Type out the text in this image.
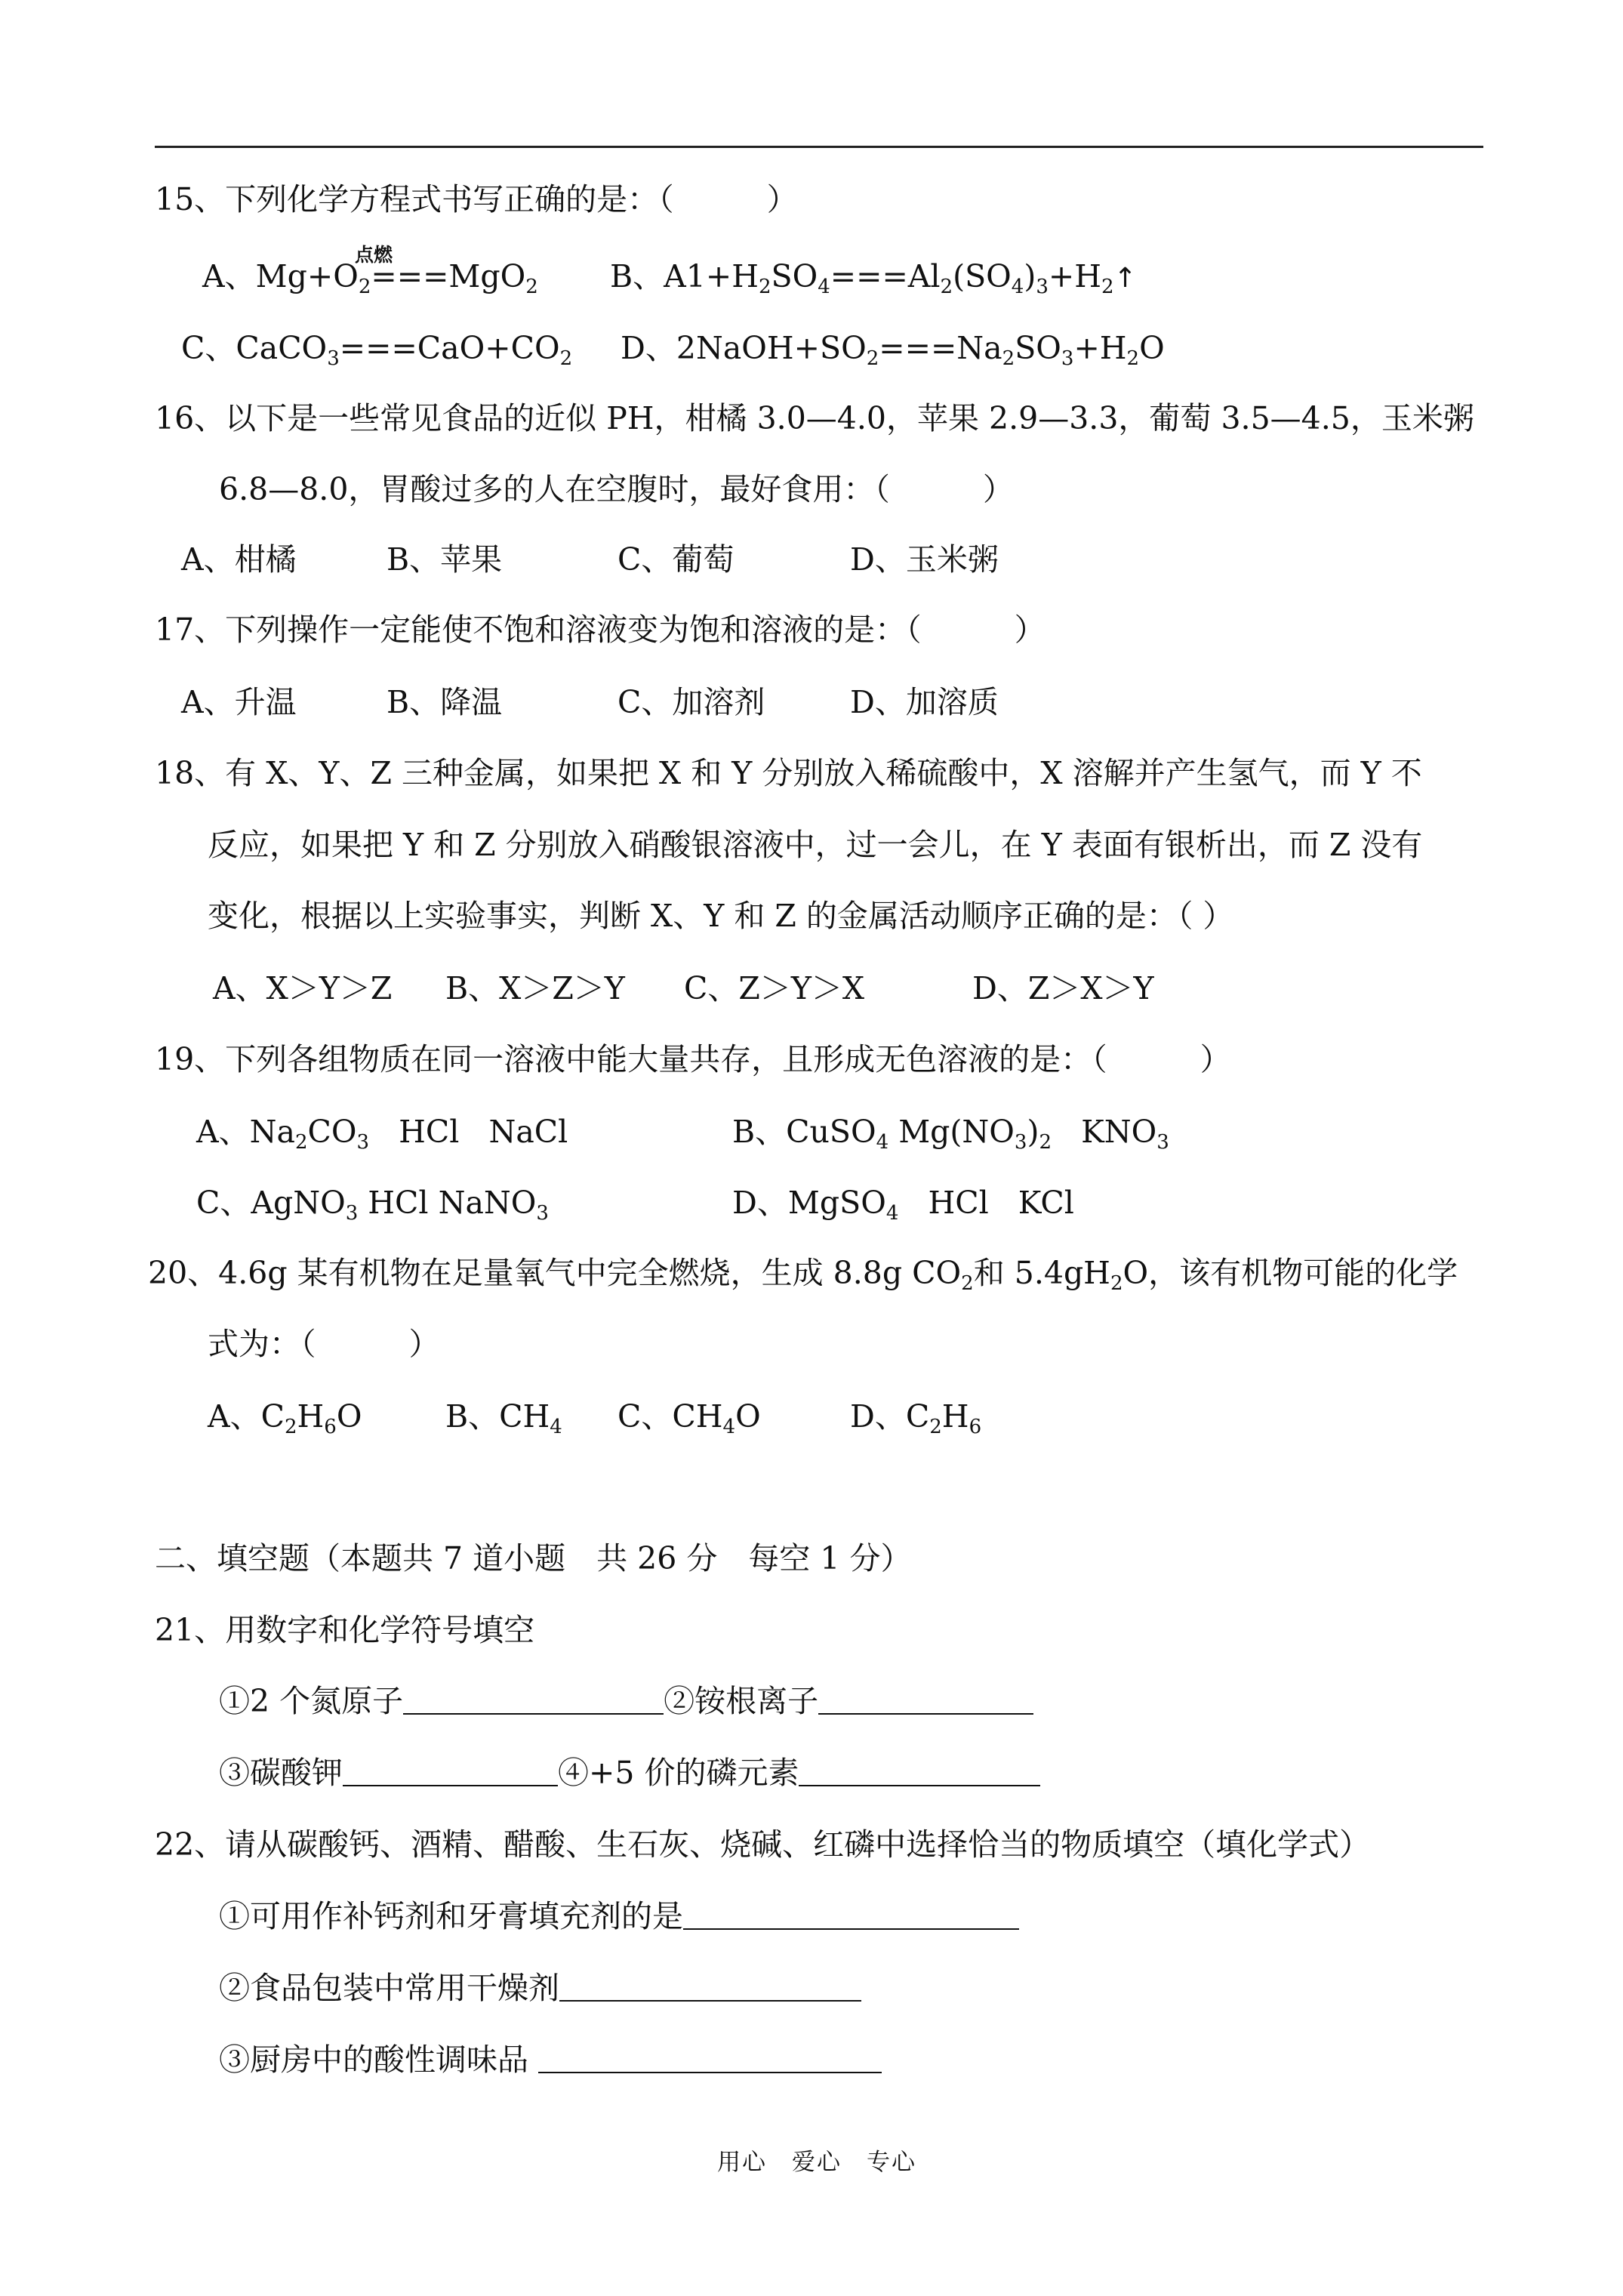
15、下列化学方程式书写正确的是：（　　　）
点燃
A、$Mg+O_2===MgO_2$ B、$A1+H_2SO_4===Al_2(SO_4)_3+H_2↑$
C、$CaCO_3===CaO+CO_2$ D、$2NaOH+SO_2===Na_2SO_3+H_2O$
16、以下是一些常见食品的近似 PH，柑橘 3.0—4.0，苹果 2.9—3.3，葡萄 3.5—4.5，玉米粥
6.8—8.0，胃酸过多的人在空腹时，最好食用：（　　　）
A、柑橘	B、苹果	C、葡萄	D、玉米粥
17、下列操作一定能使不饱和溶液变为饱和溶液的是：（　　　）
A、升温	B、降温	C、加溶剂	D、加溶质
18、有 X、Y、Z 三种金属，如果把 X 和 Y 分别放入稀硫酸中，X 溶解并产生氢气，而 Y 不
反应，如果把 Y 和 Z 分别放入硝酸银溶液中，过一会儿，在 Y 表面有银析出，而 Z 没有
变化，根据以上实验事实，判断 X、Y 和 Z 的金属活动顺序正确的是：（ ）
A、X＞Y＞Z B、X＞Z＞Y C、Z＞Y＞X	D、Z＞X＞Y
19、下列各组物质在同一溶液中能大量共存，且形成无色溶液的是：（　　　）
A、$Na_2CO_3$   HCl   NaCl	B、CuSO$_4$ $Mg(NO_3)_2$   $KNO_3$
C、AgNO$_3$ HCl NaNO$_3$	D、MgSO$_4$   HCl   KCl
20、4.6g 某有机物在足量氧气中完全燃烧，生成 8.8g $CO_2$和 $5.4gH_2O$，该有机物可能的化学
式为：（　　　）
A、$C_2H_6O$	B、$CH_4$ C、$CH_4O$	D、$C_2H_6$
二、填空题（本题共 7 道小题　共 26 分　每空 1 分）
21、用数字和化学符号填空
①2 个氮原子	②铵根离子
③碳酸钾	④+5 价的磷元素
22、请从碳酸钙、酒精、醋酸、生石灰、烧碱、红磷中选择恰当的物质填空（填化学式）
①可用作补钙剂和牙膏填充剂的是
②食品包装中常用干燥剂
③厨房中的酸性调味品
用心　爱心　专心
